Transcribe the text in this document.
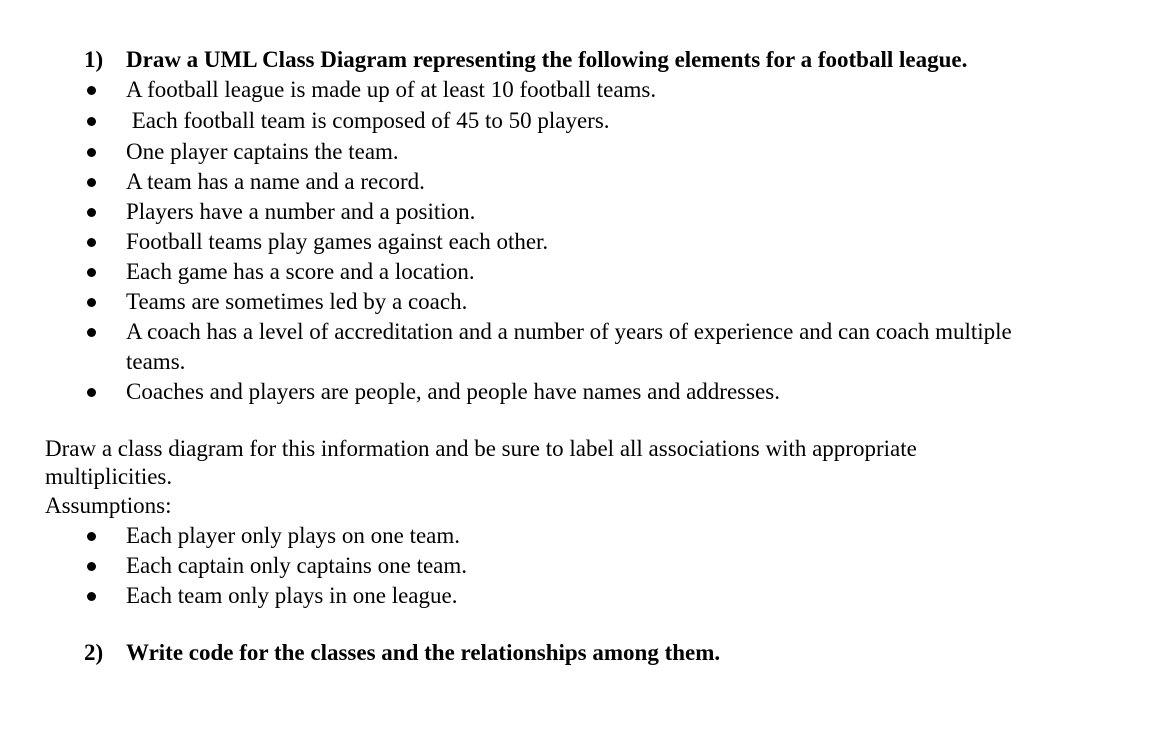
1) Draw a UML Class Diagram representing the following elements for a football league.
A football league is made up of at least 10 football teams.
Each football team is composed of 45 to 50 players.
One player captains the team.
A team has a name and a record.
Players have a number and a position.
Football teams play games against each other.
Each game has a score and a location.
Teams are sometimes led by a coach.
A coach has a level of accreditation and a number of years of experience and can coach multiple
teams.
Coaches and players are people, and people have names and addresses.
Draw a class diagram for this information and be sure to label all associations with appropriate
multiplicities.
Assumptions:
Each player only plays on one team.
Each captain only captains one team.
Each team only plays in one league.
2) Write code for the classes and the relationships among them.
